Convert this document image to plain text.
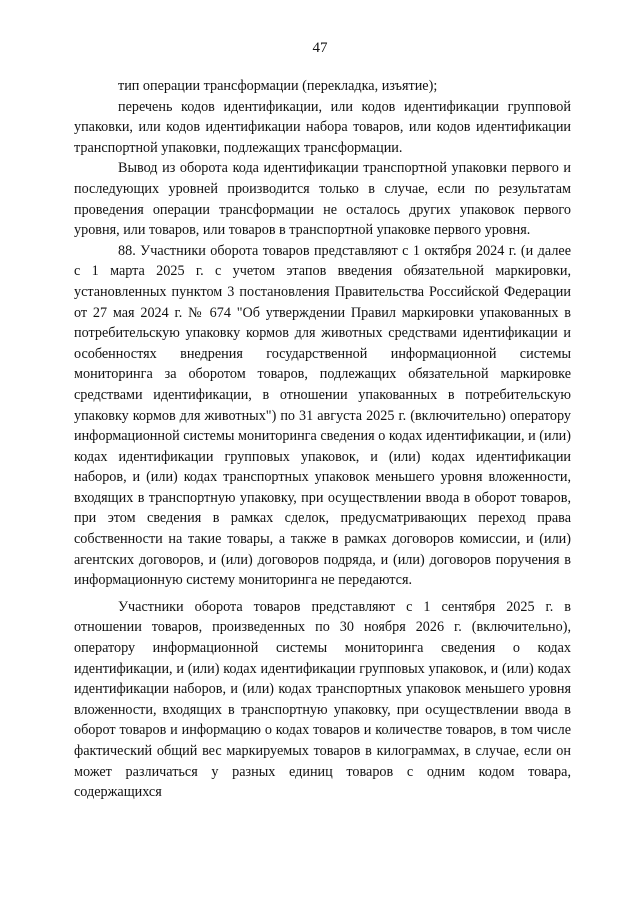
47

тип операции трансформации (перекладка, изъятие);

перечень кодов идентификации, или кодов идентификации групповой упаковки, или кодов идентификации набора товаров, или кодов идентификации транспортной упаковки, подлежащих трансформации.

Вывод из оборота кода идентификации транспортной упаковки первого и последующих уровней производится только в случае, если по результатам проведения операции трансформации не осталось других упаковок первого уровня, или товаров, или товаров в транспортной упаковке первого уровня.

88. Участники оборота товаров представляют с 1 октября 2024 г. (и далее с 1 марта 2025 г. с учетом этапов введения обязательной маркировки, установленных пунктом 3 постановления Правительства Российской Федерации от 27 мая 2024 г. № 674 "Об утверждении Правил маркировки упакованных в потребительскую упаковку кормов для животных средствами идентификации и особенностях внедрения государственной информационной системы мониторинга за оборотом товаров, подлежащих обязательной маркировке средствами идентификации, в отношении упакованных в потребительскую упаковку кормов для животных") по 31 августа 2025 г. (включительно) оператору информационной системы мониторинга сведения о кодах идентификации, и (или) кодах идентификации групповых упаковок, и (или) кодах идентификации наборов, и (или) кодах транспортных упаковок меньшего уровня вложенности, входящих в транспортную упаковку, при осуществлении ввода в оборот товаров, при этом сведения в рамках сделок, предусматривающих переход права собственности на такие товары, а также в рамках договоров комиссии, и (или) агентских договоров, и (или) договоров подряда, и (или) договоров поручения в информационную систему мониторинга не передаются.

Участники оборота товаров представляют с 1 сентября 2025 г. в отношении товаров, произведенных по 30 ноября 2026 г. (включительно), оператору информационной системы мониторинга сведения о кодах идентификации, и (или) кодах идентификации групповых упаковок, и (или) кодах идентификации наборов, и (или) кодах транспортных упаковок меньшего уровня вложенности, входящих в транспортную упаковку, при осуществлении ввода в оборот товаров и информацию о кодах товаров и количестве товаров, в том числе фактический общий вес маркируемых товаров в килограммах, в случае, если он может различаться у разных единиц товаров с одним кодом товара, содержащихся
